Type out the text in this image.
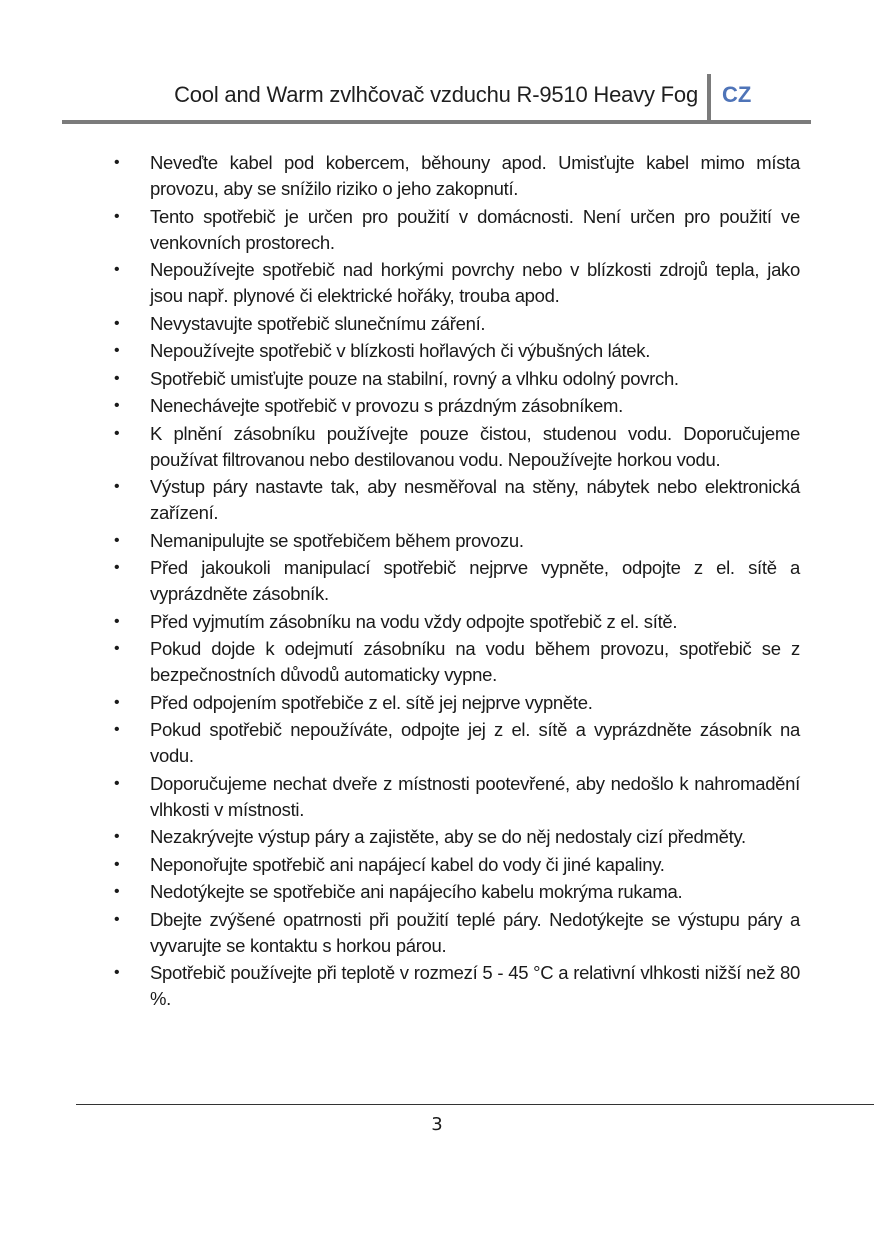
Cool and Warm zvlhčovač vzduchu R-9510 Heavy Fog CZ
• Neveďte kabel pod kobercem, běhouny apod. Umisťujte kabel mimo místa provozu, aby se snížilo riziko o jeho zakopnutí.
• Tento spotřebič je určen pro použití v domácnosti. Není určen pro použití ve venkovních prostorech.
• Nepoužívejte spotřebič nad horkými povrchy nebo v blízkosti zdrojů tepla, jako jsou např. plynové či elektrické hořáky, trouba apod.
• Nevystavujte spotřebič slunečnímu záření.
• Nepoužívejte spotřebič v blízkosti hořlavých či výbušných látek.
• Spotřebič umisťujte pouze na stabilní, rovný a vlhku odolný povrch.
• Nenechávejte spotřebič v provozu s prázdným zásobníkem.
• K plnění zásobníku používejte pouze čistou, studenou vodu. Doporučujeme používat filtrovanou nebo destilovanou vodu. Nepoužívejte horkou vodu.
• Výstup páry nastavte tak, aby nesměřoval na stěny, nábytek nebo elektronická zařízení.
• Nemanipulujte se spotřebičem během provozu.
• Před jakoukoli manipulací spotřebič nejprve vypněte, odpojte z el. sítě a vyprázdněte zásobník.
• Před vyjmutím zásobníku na vodu vždy odpojte spotřebič z el. sítě.
• Pokud dojde k odejmutí zásobníku na vodu během provozu, spotřebič se z bezpečnostních důvodů automaticky vypne.
• Před odpojením spotřebiče z el. sítě jej nejprve vypněte.
• Pokud spotřebič nepoužíváte, odpojte jej z el. sítě a vyprázdněte zásobník na vodu.
• Doporučujeme nechat dveře z místnosti pootevřené, aby nedošlo k nahromadění vlhkosti v místnosti.
• Nezakrývejte výstup páry a zajistěte, aby se do něj nedostaly cizí předměty.
• Neponořujte spotřebič ani napájecí kabel do vody či jiné kapaliny.
• Nedotýkejte se spotřebiče ani napájecího kabelu mokrýma rukama.
• Dbejte zvýšené opatrnosti při použití teplé páry. Nedotýkejte se výstupu páry a vyvarujte se kontaktu s horkou párou.
• Spotřebič používejte při teplotě v rozmezí 5 - 45 °C a relativní vlhkosti nižší než 80 %.
3
